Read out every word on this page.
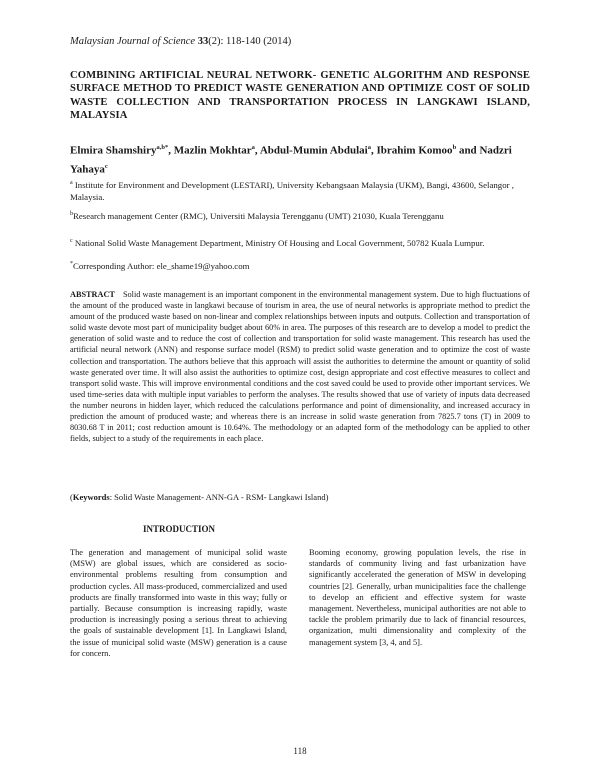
Malaysian Journal of Science 33(2): 118-140 (2014)
COMBINING ARTIFICIAL NEURAL NETWORK- GENETIC ALGORITHM AND RESPONSE SURFACE METHOD TO PREDICT WASTE GENERATION AND OPTIMIZE COST OF SOLID WASTE COLLECTION AND TRANSPORTATION PROCESS IN LANGKAWI ISLAND, MALAYSIA
Elmira Shamshiry$^{a,b*}$, Mazlin Mokhtar$^a$, Abdul-Mumin Abdulai$^a$, Ibrahim Komoo$^b$ and Nadzri Yahaya$^c$
$^a$ Institute for Environment and Development (LESTARI), University Kebangsaan Malaysia (UKM), Bangi, 43600, Selangor , Malaysia.
$^b$Research management Center (RMC), Universiti Malaysia Terengganu (UMT) 21030, Kuala Terengganu
$^c$ National Solid Waste Management Department, Ministry Of Housing and Local Government, 50782 Kuala Lumpur.
*Corresponding Author: ele_shame19@yahoo.com
ABSTRACT Solid waste management is an important component in the environmental management system. Due to high fluctuations of the amount of the produced waste in langkawi because of tourism in area, the use of neural networks is appropriate method to predict the amount of the produced waste based on non-linear and complex relationships between inputs and outputs. Collection and transportation of solid waste devote most part of municipality budget about 60% in area. The purposes of this research are to develop a model to predict the generation of solid waste and to reduce the cost of collection and transportation for solid waste management. This research has used the artificial neural network (ANN) and response surface model (RSM) to predict solid waste generation and to optimize the cost of waste collection and transportation. The authors believe that this approach will assist the authorities to determine the amount or quantity of solid waste generated over time. It will also assist the authorities to optimize cost, design appropriate and cost effective measures to collect and transport solid waste. This will improve environmental conditions and the cost saved could be used to provide other important services. We used time-series data with multiple input variables to perform the analyses. The results showed that use of variety of inputs data decreased the number neurons in hidden layer, which reduced the calculations performance and point of dimensionality, and increased accuracy in prediction the amount of produced waste; and whereas there is an increase in solid waste generation from 7825.7 tons (T) in 2009 to 8030.68 T in 2011; cost reduction amount is 10.64%. The methodology or an adapted form of the methodology can be applied to other fields, subject to a study of the requirements in each place.
(Keywords: Solid Waste Management- ANN-GA - RSM- Langkawi Island)
INTRODUCTION
The generation and management of municipal solid waste (MSW) are global issues, which are considered as socio-environmental problems resulting from consumption and production cycles. All mass-produced, commercialized and used products are finally transformed into waste in this way; fully or partially. Because consumption is increasing rapidly, waste production is increasingly posing a serious threat to achieving the goals of sustainable development [1]. In Langkawi Island, the issue of municipal solid waste (MSW) generation is a cause for concern.
Booming economy, growing population levels, the rise in standards of community living and fast urbanization have significantly accelerated the generation of MSW in developing countries [2]. Generally, urban municipalities face the challenge to develop an efficient and effective system for waste management. Nevertheless, municipal authorities are not able to tackle the problem primarily due to lack of financial resources, organization, multi dimensionality and complexity of the management system [3, 4, and 5].
118
